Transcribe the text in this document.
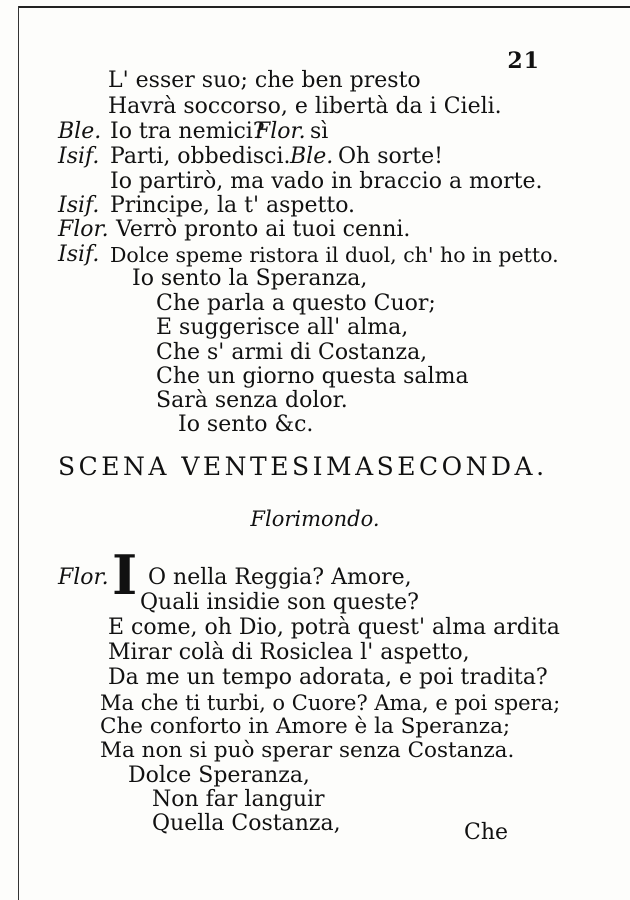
21
L' esser suo; che ben presto
Havrà soccorso, e libertà da i Cieli.
Ble. Io tra nemici?
Flor. sì
Isif. Parti, obbedisci. Ble. Oh sorte!
Io partirò, ma vado in braccio a morte.
Isif. Principe, la t' aspetto.
Flor. Verrò pronto ai tuoi cenni.
Isif. Dolce speme ristora il duol, ch' ho in petto.
Io sento la Speranza,
Che parla a questo Cuor;
E suggerisce all' alma,
Che s' armi di Costanza,
Che un giorno questa salma
Sarà senza dolor.
Io sento &c.
SCENA VENTESIMASECONDA.
Florimondo.
Flor. I O nella Reggia? Amore,
Quali insidie son queste?
E come, oh Dio, potrà quest' alma ardita
Mirar colà di Rosiclea l' aspetto,
Da me un tempo adorata, e poi tradita?
Ma che ti turbi, o Cuore? Ama, e poi spera;
Che conforto in Amore è la Speranza;
Ma non si può sperar senza Costanza.
Dolce Speranza,
Non far languir
Quella Costanza,	Che
